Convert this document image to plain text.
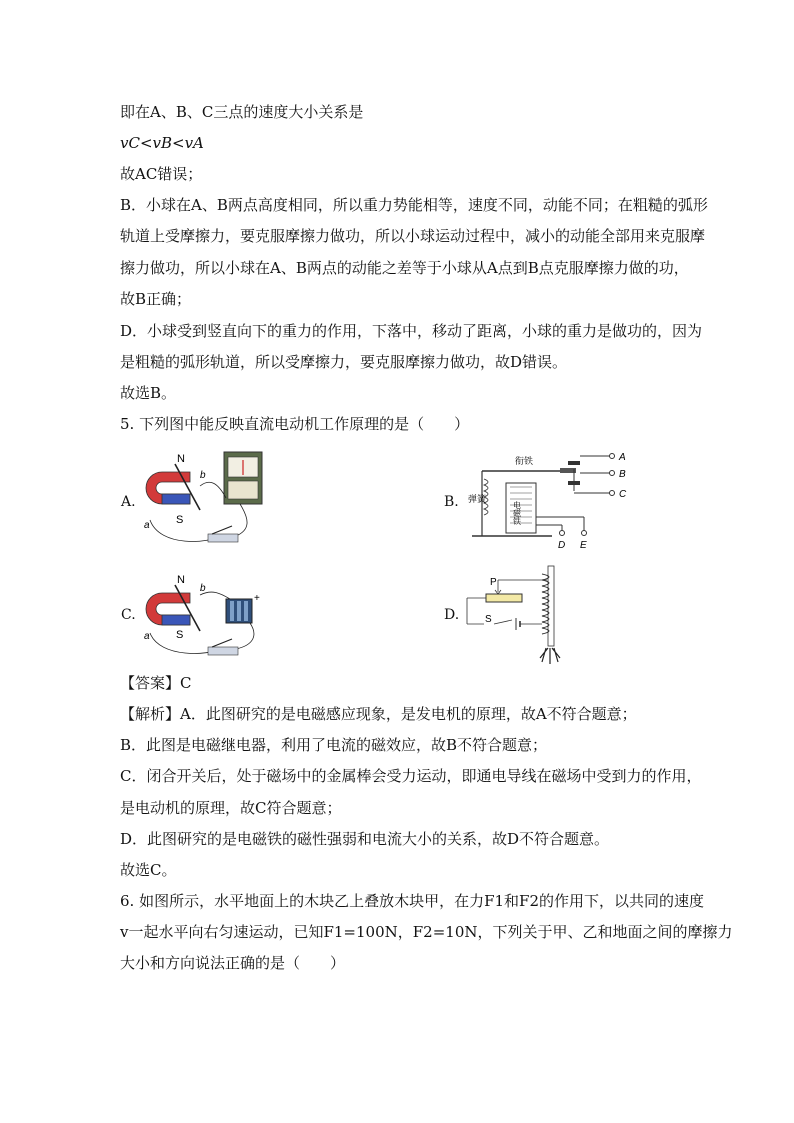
即在A、B、C三点的速度大小关系是
vC<vB<vA
故AC错误；
B．小球在A、B两点高度相同，所以重力势能相等，速度不同，动能不同；在粗糙的弧形
轨道上受摩擦力，要克服摩擦力做功，所以小球运动过程中，减小的动能全部用来克服摩
擦力做功，所以小球在A、B两点的动能之差等于小球从A点到B点克服摩擦力做的功，
故B正确；
D．小球受到竖直向下的重力的作用，下落中，移动了距离，小球的重力是做功的，因为
是粗糙的弧形轨道，所以受摩擦力，要克服摩擦力做功，故D错误。
故选B。
5. 下列图中能反映直流电动机工作原理的是（　　）
A.	B.
C.	D.
N
S
b
a
衔铁
弹簧
电磁铁
A
B
C
D E
N
S
b
a
+
P
S
【答案】C
【解析】A．此图研究的是电磁感应现象，是发电机的原理，故A不符合题意；
B．此图是电磁继电器，利用了电流的磁效应，故B不符合题意；
C．闭合开关后，处于磁场中的金属棒会受力运动，即通电导线在磁场中受到力的作用，
是电动机的原理，故C符合题意；
D．此图研究的是电磁铁的磁性强弱和电流大小的关系，故D不符合题意。
故选C。
6. 如图所示，水平地面上的木块乙上叠放木块甲，在力F1和F2的作用下，以共同的速度
v一起水平向右匀速运动，已知F1=100N，F2=10N，下列关于甲、乙和地面之间的摩擦力
大小和方向说法正确的是（　　）
